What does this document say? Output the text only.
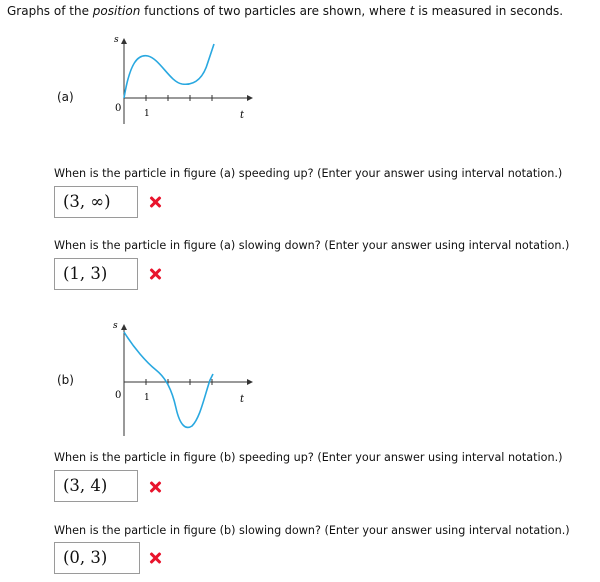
Graphs of the position functions of two particles are shown, where t is measured in seconds.
(a)
s
t
0	1
When is the particle in figure (a) speeding up? (Enter your answer using interval notation.)
(3, ∞)
When is the particle in figure (a) slowing down? (Enter your answer using interval notation.)
(1, 3)
(b)
s
t
0	1
When is the particle in figure (b) speeding up? (Enter your answer using interval notation.)
(3, 4)
When is the particle in figure (b) slowing down? (Enter your answer using interval notation.)
(0, 3)
